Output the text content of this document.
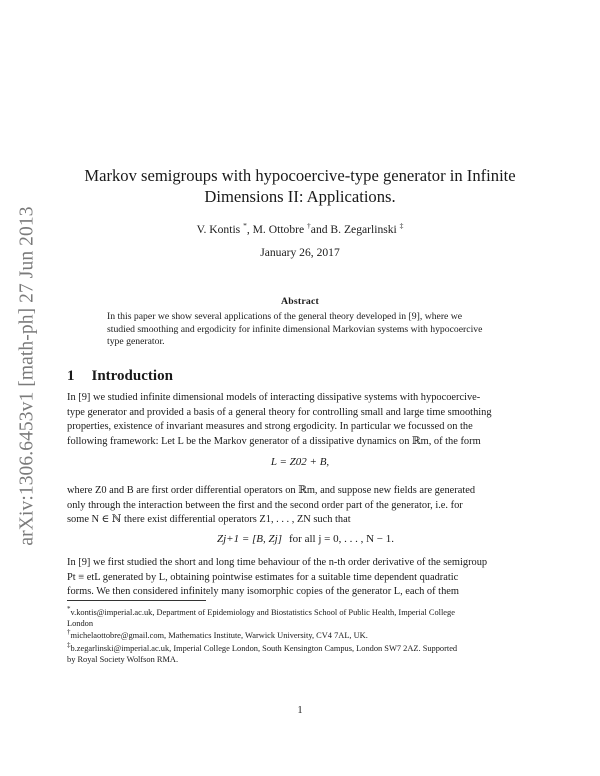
arXiv:1306.6453v1 [math-ph] 27 Jun 2013
Markov semigroups with hypocoercive-type generator in Infinite
Dimensions II: Applications.
V. Kontis *, M. Ottobre †and B. Zegarlinski ‡
January 26, 2017
Abstract
In this paper we show several applications of the general theory developed in [9], where we
studied smoothing and ergodicity for infinite dimensional Markovian systems with hypocoercive
type generator.
1 Introduction
In [9] we studied infinite dimensional models of interacting dissipative systems with hypocoercive-
type generator and provided a basis of a general theory for controlling small and large time smoothing
properties, existence of invariant measures and strong ergodicity. In particular we focussed on the
following framework: Let L be the Markov generator of a dissipative dynamics on ℝm, of the form
L = Z02 + B,
where Z0 and B are first order differential operators on ℝm, and suppose new fields are generated
only through the interaction between the first and the second order part of the generator, i.e. for
some N ∈ ℕ there exist differential operators Z1, . . . , ZN such that
Zj+1 = [B, Zj] for all j = 0, . . . , N − 1.
In [9] we first studied the short and long time behaviour of the n-th order derivative of the semigroup
Pt ≡ etL generated by L, obtaining pointwise estimates for a suitable time dependent quadratic
forms. We then considered infinitely many isomorphic copies of the generator L, each of them
*v.kontis@imperial.ac.uk, Department of Epidemiology and Biostatistics School of Public Health, Imperial College
London
†michelaottobre@gmail.com, Mathematics Institute, Warwick University, CV4 7AL, UK.
‡b.zegarlinski@imperial.ac.uk, Imperial College London, South Kensington Campus, London SW7 2AZ. Supported
by Royal Society Wolfson RMA.
1
